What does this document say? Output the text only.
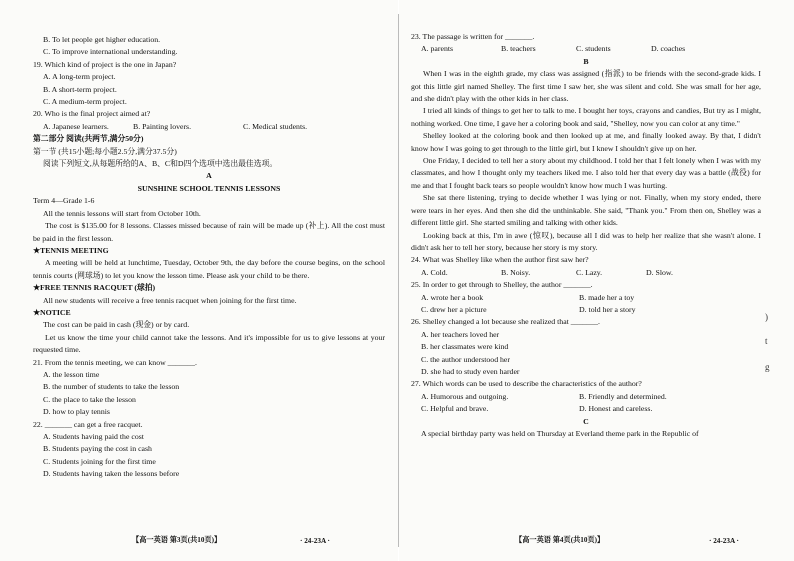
B. To let people get higher education.
C. To improve international understanding.
19. Which kind of project is the one in Japan?
A. A long-term project.
B. A short-term project.
C. A medium-term project.
20. Who is the final project aimed at?
A. Japanese learners.	B. Painting lovers.	C. Medical students.
第二部分 阅读(共两节,满分50分)
第一节 (共15小题;每小题2.5分,满分37.5分)
阅读下列短文,从每题所给的A、B、C和D四个选项中选出最佳选项。
A
SUNSHINE SCHOOL TENNIS LESSONS
Term 4—Grade 1-6
All the tennis lessons will start from October 10th.
The cost is $135.00 for 8 lessons. Classes missed because of rain will be made up (补上). All the cost must be paid in the first lesson.
★TENNIS MEETING
A meeting will be held at lunchtime, Tuesday, October 9th, the day before the course begins, on the school tennis courts (网球场) to let you know the lesson time. Please ask your child to be there.
★FREE TENNIS RACQUET (球拍)
All new students will receive a free tennis racquet when joining for the first time.
★NOTICE
The cost can be paid in cash (现金) or by card.
Let us know the time your child cannot take the lessons. And it's impossible for us to give lessons at your requested time.
21. From the tennis meeting, we can know _______.
A. the lesson time
B. the number of students to take the lesson
C. the place to take the lesson
D. how to play tennis
22. _______ can get a free racquet.
A. Students having paid the cost
B. Students paying the cost in cash
C. Students joining for the first time
D. Students having taken the lessons before
【高一英语 第3页(共10页)】	· 24-23A ·
23. The passage is written for _______.
A. parents	B. teachers	C. students	D. coaches
B
When I was in the eighth grade, my class was assigned (指派) to be friends with the second-grade kids. I got this little girl named Shelley. The first time I saw her, she was silent and cold. She was small for her age, and she didn't play with the other kids in her class.
I tried all kinds of things to get her to talk to me. I bought her toys, crayons and candies, But try as I might, nothing worked. One time, I gave her a coloring book and said, "Shelley, now you can color at any time."
Shelley looked at the coloring book and then looked up at me, and finally looked away. By that, I didn't know how I was going to get through to the little girl, but I knew I shouldn't give up on her.
One Friday, I decided to tell her a story about my childhood. I told her that I felt lonely when I was with my classmates, and how I thought only my teachers liked me. I also told her that every day was a battle (战役) for me and that I fought back tears so people wouldn't know how much I was hurting.
She sat there listening, trying to decide whether I was lying or not. Finally, when my story ended, there were tears in her eyes. And then she did the unthinkable. She said, "Thank you." From then on, Shelley was a different little girl. She started smiling and talking with other kids.
Looking back at this, I'm in awe (惊叹), because all I did was to help her realize that she wasn't alone. I didn't ask her to tell her story, because her story is my story.
24. What was Shelley like when the author first saw her?
A. Cold.	B. Noisy.	C. Lazy.	D. Slow.
25. In order to get through to Shelley, the author _______.
A. wrote her a book	B. made her a toy
C. drew her a picture	D. told her a story
26. Shelley changed a lot because she realized that _______.
A. her teachers loved her
B. her classmates were kind
C. the author understood her
D. she had to study even harder
27. Which words can be used to describe the characteristics of the author?
A. Humorous and outgoing.	B. Friendly and determined.
C. Helpful and brave.	D. Honest and careless.
C
A special birthday party was held on Thursday at Everland theme park in the Republic of
【高一英语 第4页(共10页)】	· 24-23A ·
)
t
g
